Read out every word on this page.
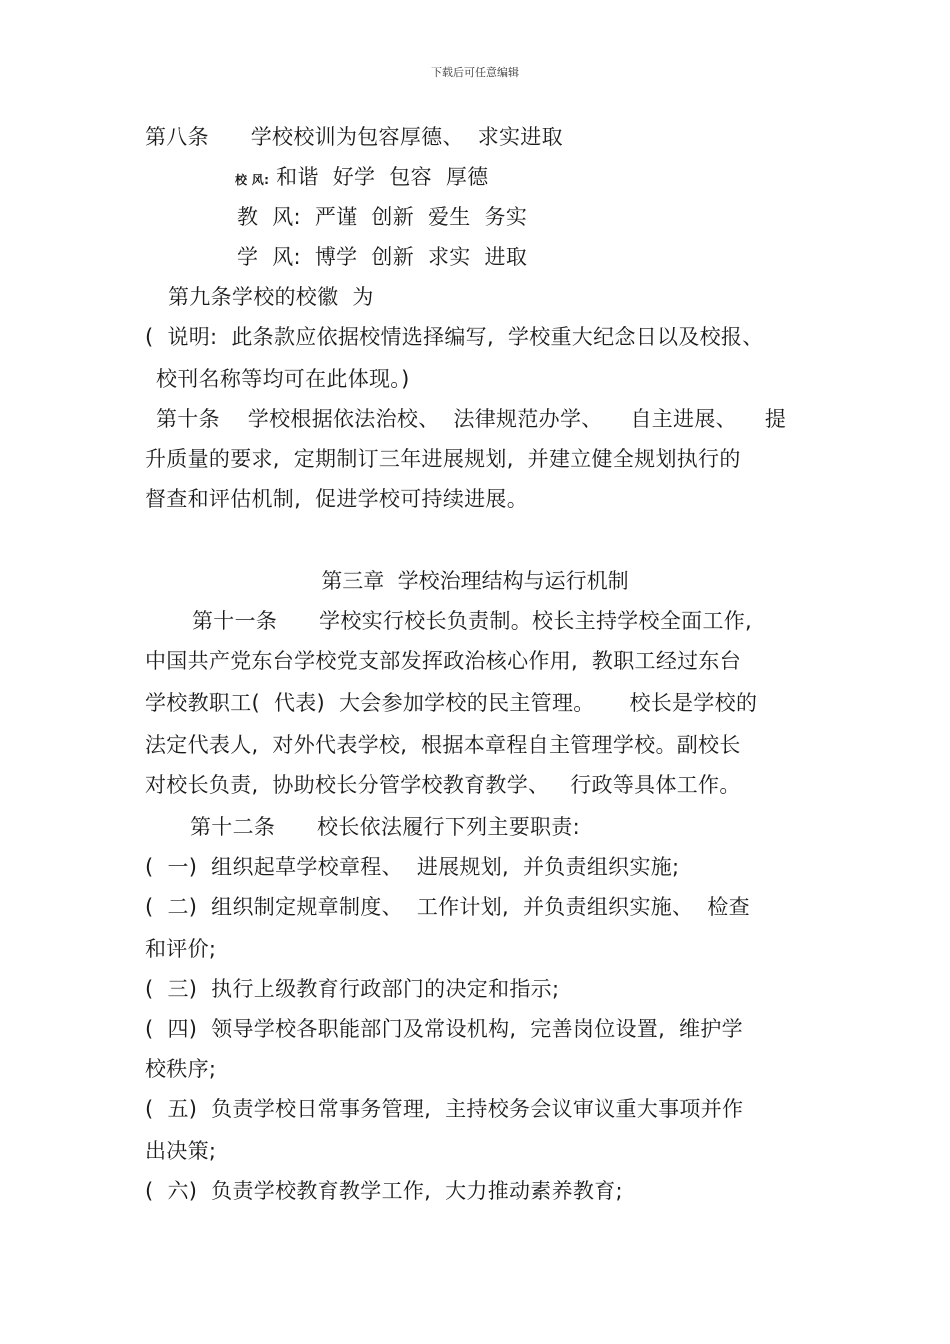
下载后可任意编辑
第八条      学校校训为包容厚德、  求实进取
校 风: 和谐  好学  包容  厚德
教  风:  严谨  创新  爱生  务实
学  风:  博学  创新  求实  进取
第九条学校的校徽  为
(  说明:  此条款应依据校情选择编写,  学校重大纪念日以及校报、
校刊名称等均可在此体现。)
第十条    学校根据依法治校、  法律规范办学、    自主进展、    提
升质量的要求,  定期制订三年进展规划,  并建立健全规划执行的
督查和评估机制,  促进学校可持续进展。
第三章  学校治理结构与运行机制
第十一条      学校实行校长负责制。校长主持学校全面工作,
中国共产党东台学校党支部发挥政治核心作用,  教职工经过东台
学校教职工(  代表)  大会参加学校的民主管理。     校长是学校的
法定代表人,  对外代表学校,  根据本章程自主管理学校。副校长
对校长负责,  协助校长分管学校教育教学、   行政等具体工作。
第十二条      校长依法履行下列主要职责:
(  一)  组织起草学校章程、  进展规划,  并负责组织实施;
(  二)  组织制定规章制度、  工作计划,  并负责组织实施、  检查
和评价;
(  三)  执行上级教育行政部门的决定和指示;
(  四)  领导学校各职能部门及常设机构,  完善岗位设置,  维护学
校秩序;
(  五)  负责学校日常事务管理,  主持校务会议审议重大事项并作
出决策;
(  六)  负责学校教育教学工作,  大力推动素养教育;
